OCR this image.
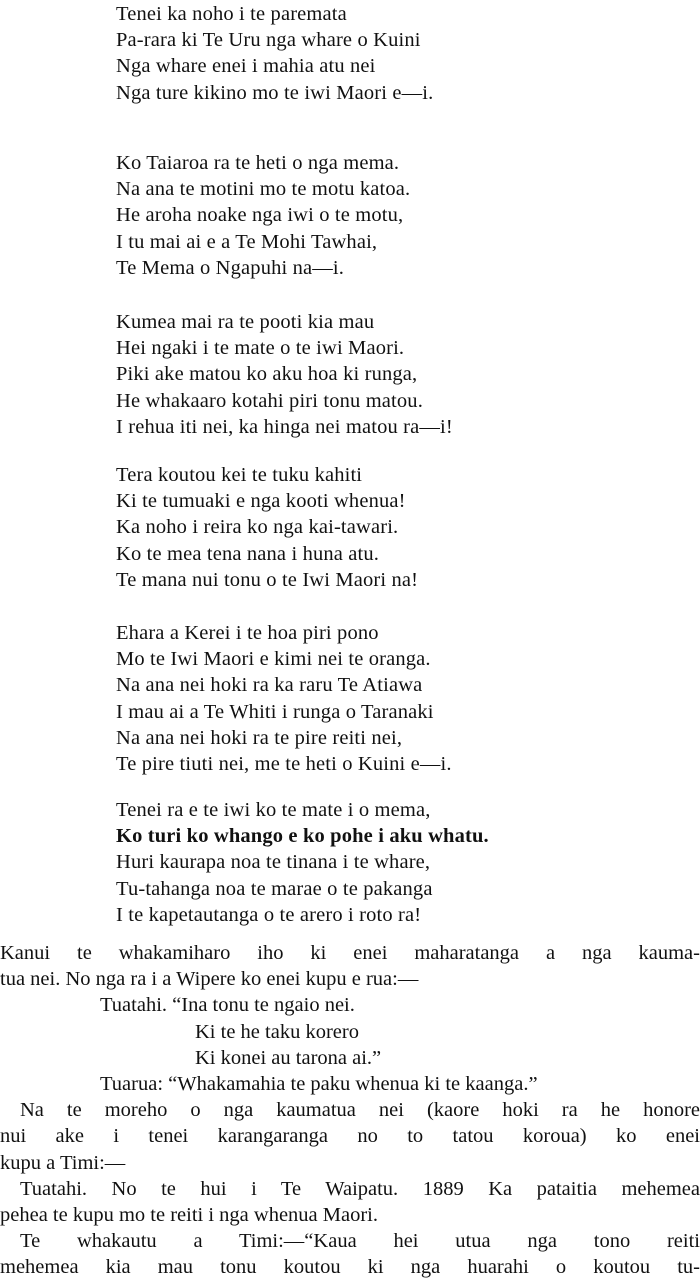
Tenei ka noho i te paremata
Pa-rara ki Te Uru nga whare o Kuini
Nga whare enei i mahia atu nei
Nga ture kikino mo te iwi Maori e—i.
Ko Taiaroa ra te heti o nga mema.
Na ana te motini mo te motu katoa.
He aroha noake nga iwi o te motu,
I tu mai ai e a Te Mohi Tawhai,
Te Mema o Ngapuhi na—i.
Kumea mai ra te pooti kia mau
Hei ngaki i te mate o te iwi Maori.
Piki ake matou ko aku hoa ki runga,
He whakaaro kotahi piri tonu matou.
I rehua iti nei, ka hinga nei matou ra—i!
Tera koutou kei te tuku kahiti
Ki te tumuaki e nga kooti whenua!
Ka noho i reira ko nga kai-tawari.
Ko te mea tena nana i huna atu.
Te mana nui tonu o te Iwi Maori na!
Ehara a Kerei i te hoa piri pono
Mo te Iwi Maori e kimi nei te oranga.
Na ana nei hoki ra ka raru Te Atiawa
I mau ai a Te Whiti i runga o Taranaki
Na ana nei hoki ra te pire reiti nei,
Te pire tiuti nei, me te heti o Kuini e—i.
Tenei ra e te iwi ko te mate i o mema,
Ko turi ko whango e ko pohe i aku whatu.
Huri kaurapa noa te tinana i te whare,
Tu-tahanga noa te marae o te pakanga
I te kapetautanga o te arero i roto ra!
Kanui te whakamiharo iho ki enei maharatanga a nga kauma-
tua nei. No nga ra i a Wipere ko enei kupu e rua:—
Tuatahi. “Ina tonu te ngaio nei.
Ki te he taku korero
Ki konei au tarona ai.”
Tuarua: “Whakamahia te paku whenua ki te kaanga.”
Na te moreho o nga kaumatua nei (kaore hoki ra he honore
nui ake i tenei karangaranga no to tatou koroua) ko enei
kupu a Timi:—
Tuatahi. No te hui i Te Waipatu. 1889 Ka pataitia mehemea
pehea te kupu mo te reiti i nga whenua Maori.
Te whakautu a Timi:—“Kaua hei utua nga tono reiti
mehemea kia mau tonu koutou ki nga huarahi o koutou tu-
